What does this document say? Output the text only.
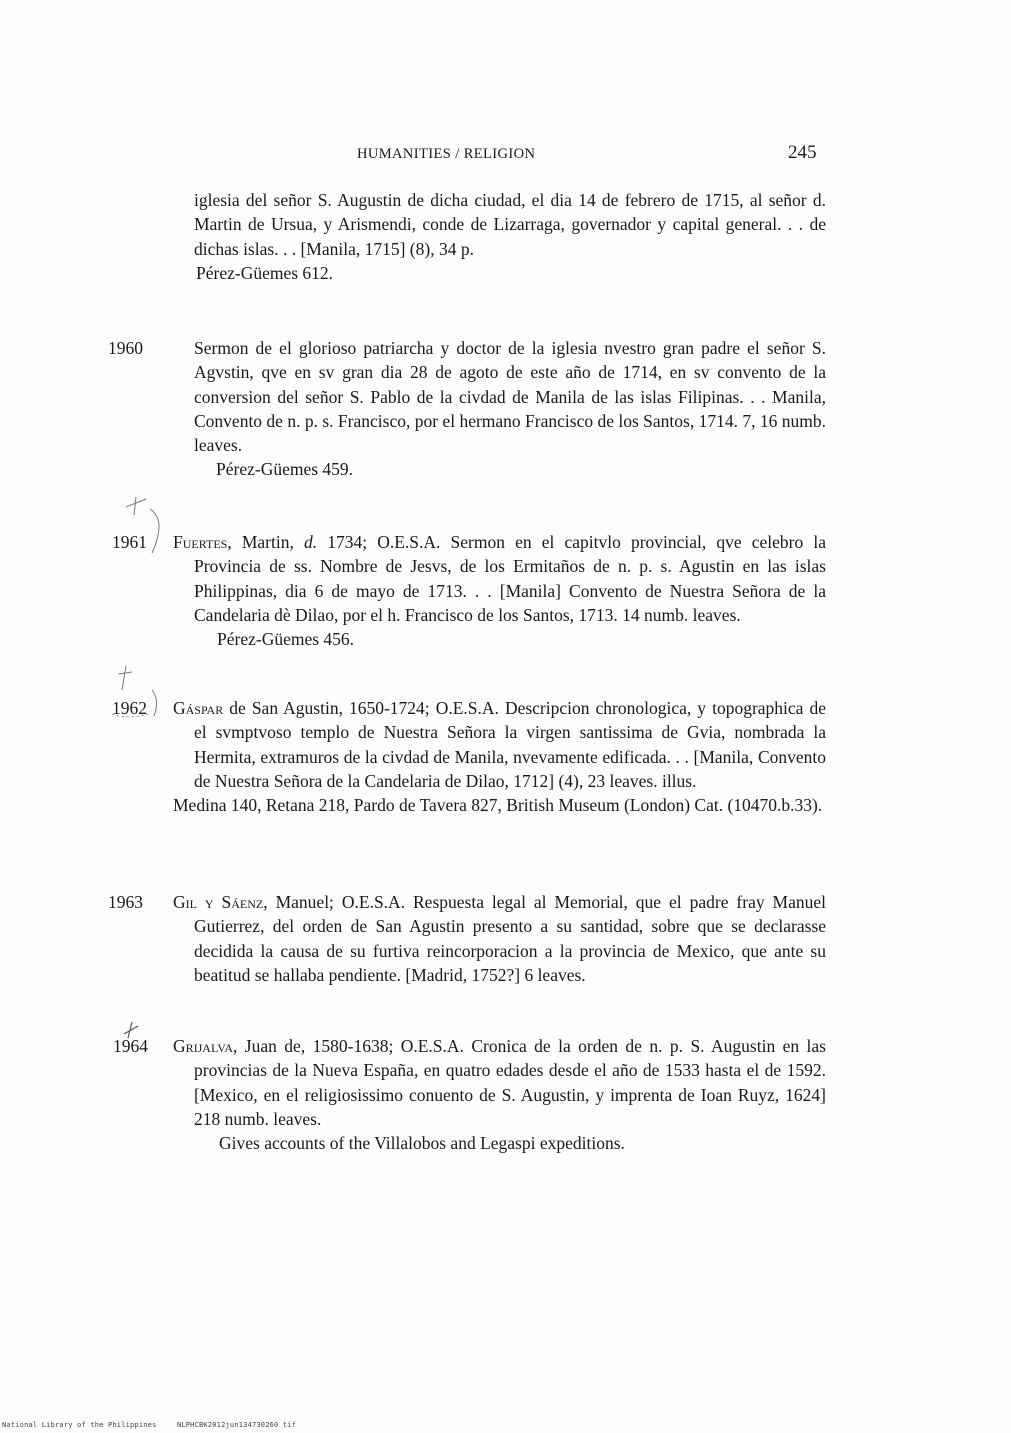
HUMANITIES / RELIGION	245

iglesia del señor S. Augustin de dicha ciudad, el dia 14 de febrero de 1715, al señor d. Martin de Ursua, y Arismendi, conde de Lizarraga, governador y capital general. . . de dichas islas. . . [Manila, 1715] (8), 34 p.

Pérez-Güemes 612.

1960	Sermon de el glorioso patriarcha y doctor de la iglesia nvestro gran padre el señor S. Agvstin, qve en sv gran dia 28 de agoto de este año de 1714, en sv convento de la conversion del señor S. Pablo de la civdad de Manila de las islas Filipinas. . . Manila, Convento de n. p. s. Francisco, por el hermano Francisco de los Santos, 1714. 7, 16 numb. leaves.

Pérez-Güemes 459.

1961	Fuertes, Martin, d. 1734; O.E.S.A. Sermon en el capitvlo provincial, qve celebro la Provincia de ss. Nombre de Jesvs, de los Ermitaños de n. p. s. Agustin en las islas Philippinas, dia 6 de mayo de 1713. . . [Manila] Convento de Nuestra Señora de la Candelaria dè Dilao, por el h. Francisco de los Santos, 1713. 14 numb. leaves.

Pérez-Güemes 456.

1962	Gáspar de San Agustin, 1650-1724; O.E.S.A. Descripcion chronologica, y topographica de el svmptvoso templo de Nuestra Señora la virgen santissima de Gvia, nombrada la Hermita, extramuros de la civdad de Manila, nvevamente edificada. . . [Manila, Convento de Nuestra Señora de la Candelaria de Dilao, 1712] (4), 23 leaves. illus.

Medina 140, Retana 218, Pardo de Tavera 827, British Museum (London) Cat. (10470.b.33).

1963	Gil y Sáenz, Manuel; O.E.S.A. Respuesta legal al Memorial, que el padre fray Manuel Gutierrez, del orden de San Agustin presento a su santidad, sobre que se declarasse decidida la causa de su furtiva reincorporacion a la provincia de Mexico, que ante su beatitud se hallaba pendiente. [Madrid, 1752?] 6 leaves.

1964	Grijalva, Juan de, 1580-1638; O.E.S.A. Cronica de la orden de n. p. S. Augustin en las provincias de la Nueva España, en quatro edades desde el año de 1533 hasta el de 1592. [Mexico, en el religiosissimo conuento de S. Augustin, y imprenta de Ioan Ruyz, 1624] 218 numb. leaves.

Gives accounts of the Villalobos and Legaspi expeditions.

National Library of the Philippines	NLPHCBK2012jun134730260 tif
